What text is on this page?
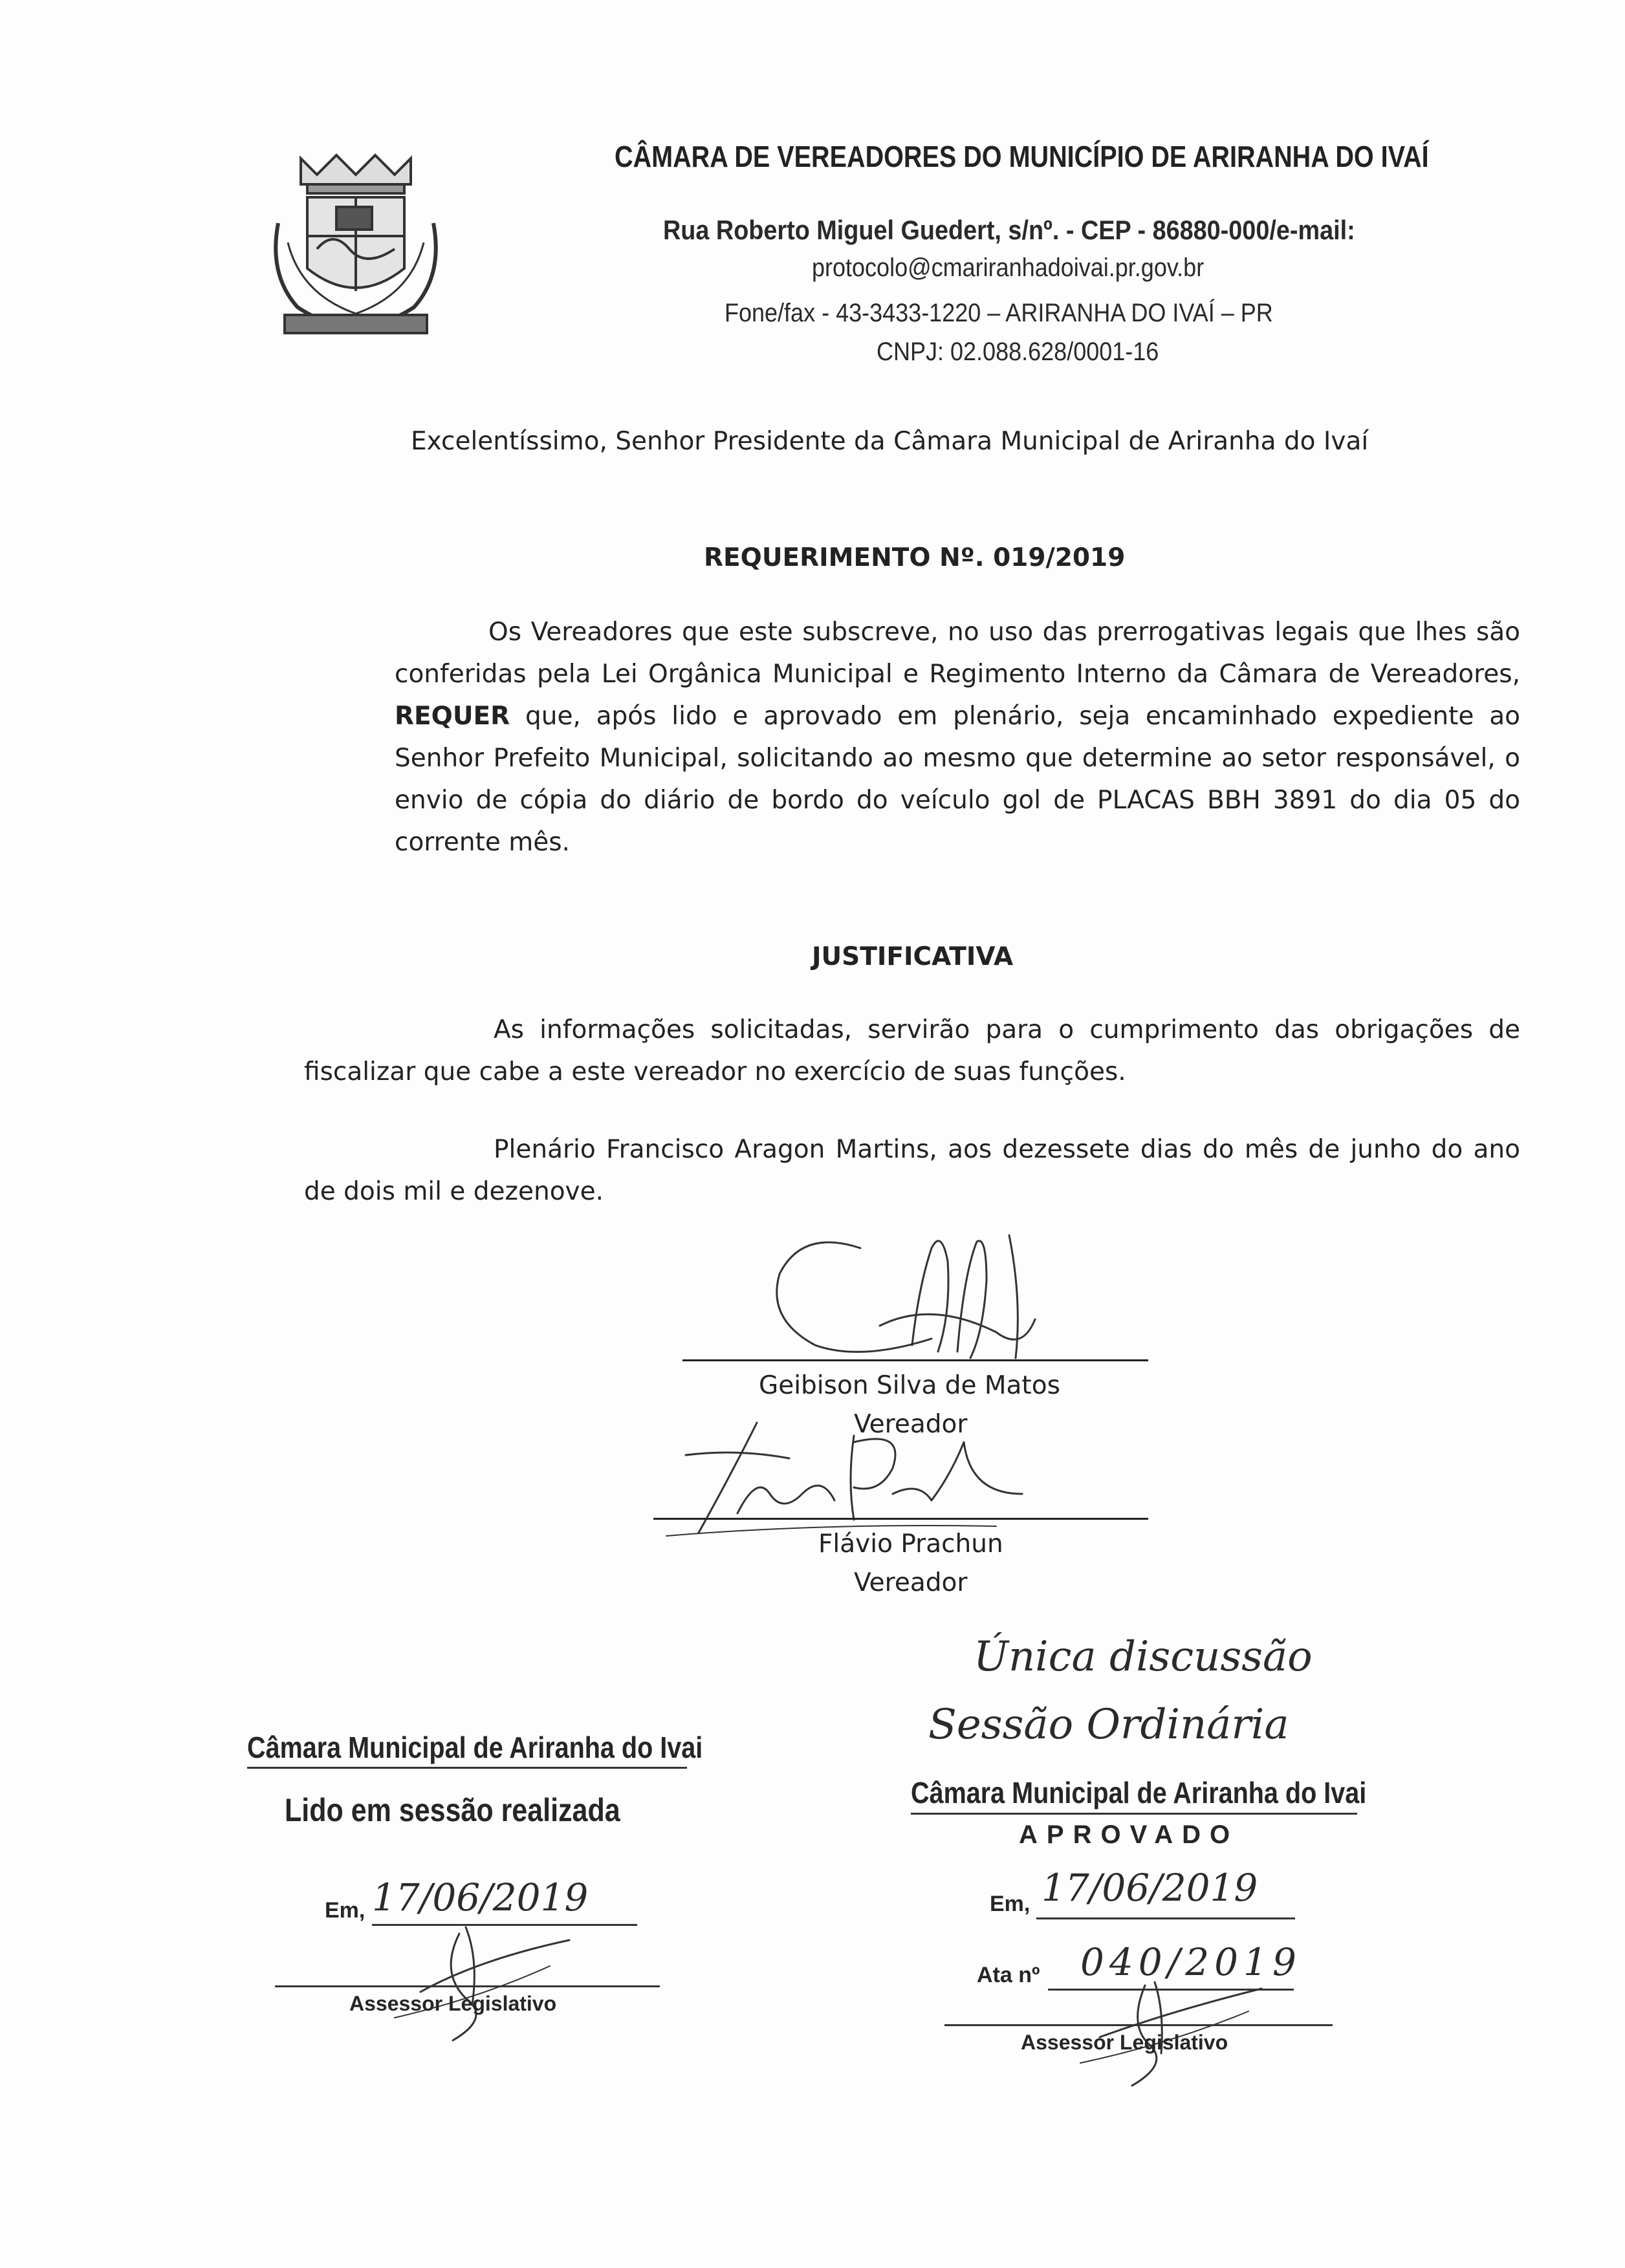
CÂMARA DE VEREADORES DO MUNICÍPIO DE ARIRANHA DO IVAÍ
Rua Roberto Miguel Guedert, s/nº. - CEP - 86880-000/e-mail:
protocolo@cmariranhadoivai.pr.gov.br
Fone/fax - 43-3433-1220 – ARIRANHA DO IVAÍ – PR
CNPJ: 02.088.628/0001-16
Excelentíssimo, Senhor Presidente da Câmara Municipal de Ariranha do Ivaí
REQUERIMENTO Nº. 019/2019
Os Vereadores que este subscreve, no uso das prerrogativas legais que lhes são conferidas pela Lei Orgânica Municipal e Regimento Interno da Câmara de Vereadores, REQUER que, após lido e aprovado em plenário, seja encaminhado expediente ao Senhor Prefeito Municipal, solicitando ao mesmo que determine ao setor responsável, o envio de cópia do diário de bordo do veículo gol de PLACAS BBH 3891 do dia 05 do corrente mês.
JUSTIFICATIVA
As informações solicitadas, servirão para o cumprimento das obrigações de fiscalizar que cabe a este vereador no exercício de suas funções.
Plenário Francisco Aragon Martins, aos dezessete dias do mês de junho do ano de dois mil e dezenove.
Geibison Silva de Matos
Vereador
Flávio Prachun
Vereador
Câmara Municipal de Ariranha do Ivai
Lido em sessão realizada
Em, 17/06/2019
Assessor Legislativo
Única discussão
Sessão Ordinária
Câmara Municipal de Ariranha do Ivai
APROVADO
Em, 17/06/2019
Ata nº 040/2019
Assessor Legislativo
